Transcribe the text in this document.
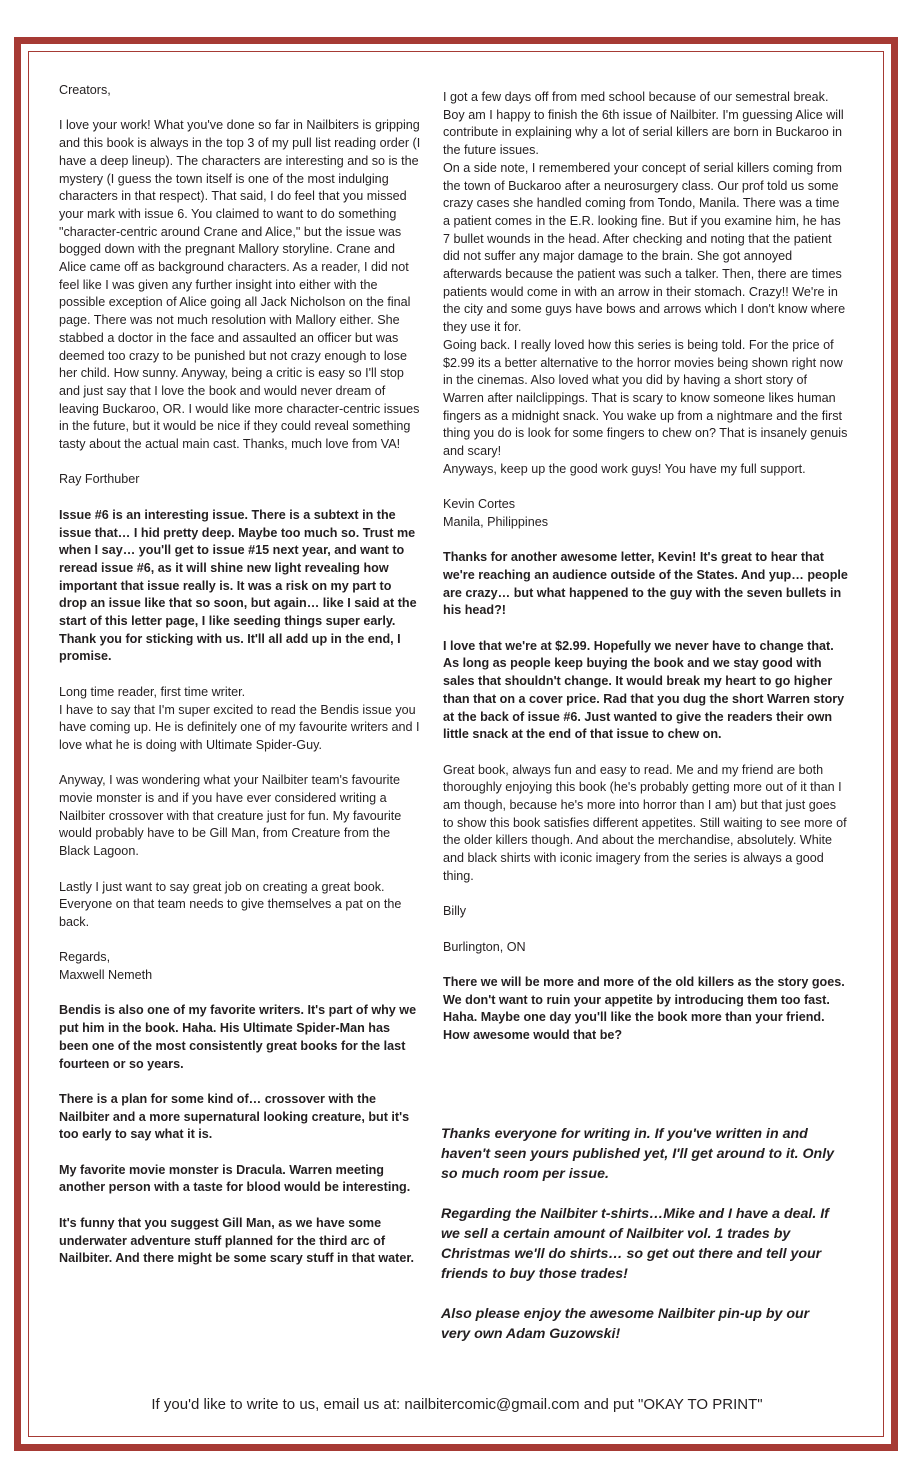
Creators,

I love your work! What you've done so far in Nailbiters is gripping and this book is always in the top 3 of my pull list reading order (I have a deep lineup). The characters are interesting and so is the mystery (I guess the town itself is one of the most indulging characters in that respect). That said, I do feel that you missed your mark with issue 6. You claimed to want to do something "character-centric around Crane and Alice," but the issue was bogged down with the pregnant Mallory storyline. Crane and Alice came off as background characters. As a reader, I did not feel like I was given any further insight into either with the possible exception of Alice going all Jack Nicholson on the final page. There was not much resolution with Mallory either. She stabbed a doctor in the face and assaulted an officer but was deemed too crazy to be punished but not crazy enough to lose her child. How sunny. Anyway, being a critic is easy so I'll stop and just say that I love the book and would never dream of leaving Buckaroo, OR. I would like more character-centric issues in the future, but it would be nice if they could reveal something tasty about the actual main cast. Thanks, much love from VA!

Ray Forthuber

Issue #6 is an interesting issue. There is a subtext in the issue that… I hid pretty deep. Maybe too much so. Trust me when I say… you'll get to issue #15 next year, and want to reread issue #6, as it will shine new light revealing how important that issue really is. It was a risk on my part to drop an issue like that so soon, but again… like I said at the start of this letter page, I like seeding things super early.
Thank you for sticking with us. It'll all add up in the end, I promise.

Long time reader, first time writer.
I have to say that I'm super excited to read the Bendis issue you have coming up. He is definitely one of my favourite writers and I love what he is doing with Ultimate Spider-Guy.

Anyway, I was wondering what your Nailbiter team's favourite movie monster is and if you have ever considered writing a Nailbiter crossover with that creature just for fun. My favourite would probably have to be Gill Man, from Creature from the Black Lagoon.

Lastly I just want to say great job on creating a great book. Everyone on that team needs to give themselves a pat on the back.

Regards,
Maxwell Nemeth

Bendis is also one of my favorite writers. It's part of why we put him in the book. Haha. His Ultimate Spider-Man has been one of the most consistently great books for the last fourteen or so years.

There is a plan for some kind of… crossover with the Nailbiter and a more supernatural looking creature, but it's too early to say what it is.

My favorite movie monster is Dracula. Warren meeting another person with a taste for blood would be interesting.

It's funny that you suggest Gill Man, as we have some underwater adventure stuff planned for the third arc of Nailbiter. And there might be some scary stuff in that water.

I got a few days off from med school because of our semestral break. Boy am I happy to finish the 6th issue of Nailbiter. I'm guessing Alice will contribute in explaining why a lot of serial killers are born in Buckaroo in the future issues.

On a side note, I remembered your concept of serial killers coming from the town of Buckaroo after a neurosurgery class. Our prof told us some crazy cases she handled coming from Tondo, Manila. There was a time a patient comes in the E.R. looking fine. But if you examine him, he has 7 bullet wounds in the head. After checking and noting that the patient did not suffer any major damage to the brain. She got annoyed afterwards because the patient was such a talker. Then, there are times patients would come in with an arrow in their stomach. Crazy!! We're in the city and some guys have bows and arrows which I don't know where they use it for.

Going back. I really loved how this series is being told. For the price of $2.99 its a better alternative to the horror movies being shown right now in the cinemas. Also loved what you did by having a short story of Warren after nailclippings. That is scary to know someone likes human fingers as a midnight snack. You wake up from a nightmare and the first thing you do is look for some fingers to chew on? That is insanely genuis and scary!

Anyways, keep up the good work guys! You have my full support.

Kevin Cortes
Manila, Philippines

Thanks for another awesome letter, Kevin! It's great to hear that we're reaching an audience outside of the States. And yup… people are crazy… but what happened to the guy with the seven bullets in his head?!

I love that we're at $2.99. Hopefully we never have to change that. As long as people keep buying the book and we stay good with sales that shouldn't change. It would break my heart to go higher than that on a cover price. Rad that you dug the short Warren story at the back of issue #6. Just wanted to give the readers their own little snack at the end of that issue to chew on.

Great book, always fun and easy to read. Me and my friend are both thoroughly enjoying this book (he's probably getting more out of it than I am though, because he's more into horror than I am) but that just goes to show this book satisfies different appetites. Still waiting to see more of the older killers though. And about the merchandise, absolutely. White and black shirts with iconic imagery from the series is always a good thing.

Billy

Burlington, ON

There we will be more and more of the old killers as the story goes. We don't want to ruin your appetite by introducing them too fast. Haha. Maybe one day you'll like the book more than your friend. How awesome would that be?

Thanks everyone for writing in. If you've written in and haven't seen yours published yet, I'll get around to it. Only so much room per issue.

Regarding the Nailbiter t-shirts…Mike and I have a deal. If we sell a certain amount of Nailbiter vol. 1 trades by Christmas we'll do shirts… so get out there and tell your friends to buy those trades!

Also please enjoy the awesome Nailbiter pin-up by our very own Adam Guzowski!

If you'd like to write to us, email us at: nailbitercomic@gmail.com and put "OKAY TO PRINT"
